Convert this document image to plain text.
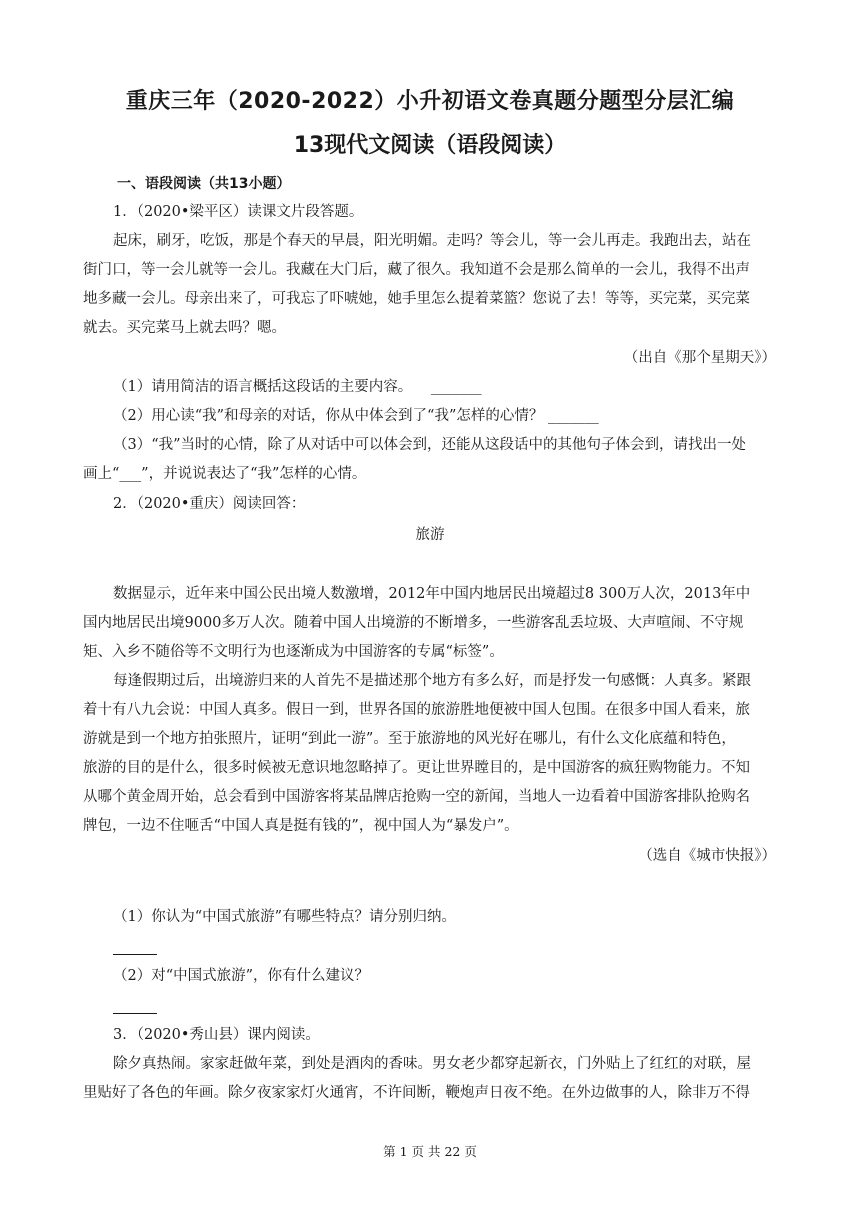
重庆三年（2020-2022）小升初语文卷真题分题型分层汇编
13现代文阅读（语段阅读）
一、语段阅读（共13小题）
1．（2020•梁平区）读课文片段答题。
起床，刷牙，吃饭，那是个春天的早晨，阳光明媚。走吗？等会儿，等一会儿再走。我跑出去，站在
街门口，等一会儿就等一会儿。我藏在大门后，藏了很久。我知道不会是那么简单的一会儿，我得不出声
地多藏一会儿。母亲出来了，可我忘了吓唬她，她手里怎么提着菜篮？您说了去！等等，买完菜，买完菜
就去。买完菜马上就去吗？嗯。
（出自《那个星期天》）
（1）请用简洁的语言概括这段话的主要内容。 _______
（2）用心读“我”和母亲的对话，你从中体会到了“我”怎样的心情？ _______
（3）“我”当时的心情，除了从对话中可以体会到，还能从这段话中的其他句子体会到，请找出一处
画上“___”，并说说表达了“我”怎样的心情。
2．（2020•重庆）阅读回答：
旅游
数据显示，近年来中国公民出境人数激增，2012年中国内地居民出境超过8 300万人次，2013年中
国内地居民出境9000多万人次。随着中国人出境游的不断增多，一些游客乱丢垃圾、大声喧闹、不守规
矩、入乡不随俗等不文明行为也逐渐成为中国游客的专属“标签”。
每逢假期过后，出境游归来的人首先不是描述那个地方有多么好，而是抒发一句感慨：人真多。紧跟
着十有八九会说：中国人真多。假日一到，世界各国的旅游胜地便被中国人包围。在很多中国人看来，旅
游就是到一个地方拍张照片，证明“到此一游”。至于旅游地的风光好在哪儿，有什么文化底蕴和特色，
旅游的目的是什么，很多时候被无意识地忽略掉了。更让世界瞠目的，是中国游客的疯狂购物能力。不知
从哪个黄金周开始，总会看到中国游客将某品牌店抢购一空的新闻，当地人一边看着中国游客排队抢购名
牌包，一边不住咂舌“中国人真是挺有钱的”，视中国人为“暴发户”。
（选自《城市快报》）
（1）你认为“中国式旅游”有哪些特点？请分别归纳。
（2）对“中国式旅游”，你有什么建议？
3．（2020•秀山县）课内阅读。
除夕真热闹。家家赶做年菜，到处是酒肉的香味。男女老少都穿起新衣，门外贴上了红红的对联，屋
里贴好了各色的年画。除夕夜家家灯火通宵，不许间断，鞭炮声日夜不绝。在外边做事的人，除非万不得
第 1 页 共 22 页
